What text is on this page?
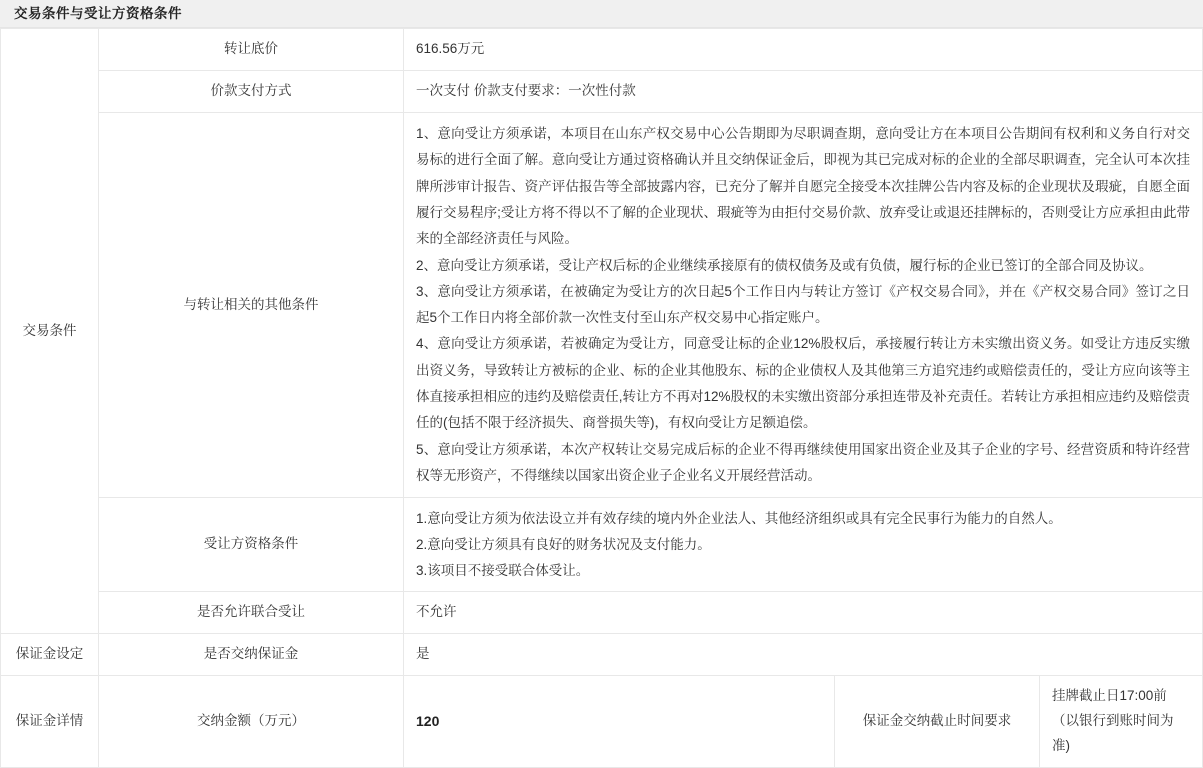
交易条件与受让方资格条件
交易条件	转让底价	616.56万元
	价款支付方式	一次支付 价款支付要求：一次性付款
	与转让相关的其他条件	1、意向受让方须承诺，本项目在山东产权交易中心公告期即为尽职调查期，意向受让方在本项目公告期间有权利和义务自行对交易标的进行全面了解。意向受让方通过资格确认并且交纳保证金后，即视为其已完成对标的企业的全部尽职调查，完全认可本次挂牌所涉审计报告、资产评估报告等全部披露内容，已充分了解并自愿完全接受本次挂牌公告内容及标的企业现状及瑕疵，自愿全面履行交易程序;受让方将不得以不了解的企业现状、瑕疵等为由拒付交易价款、放弃受让或退还挂牌标的，否则受让方应承担由此带来的全部经济责任与风险。

2、意向受让方须承诺，受让产权后标的企业继续承接原有的债权债务及或有负债，履行标的企业已签订的全部合同及协议。

3、意向受让方须承诺，在被确定为受让方的次日起5个工作日内与转让方签订《产权交易合同》，并在《产权交易合同》签订之日起5个工作日内将全部价款一次性支付至山东产权交易中心指定账户。

4、意向受让方须承诺，若被确定为受让方，同意受让标的企业12%股权后，承接履行转让方未实缴出资义务。如受让方违反实缴出资义务，导致转让方被标的企业、标的企业其他股东、标的企业债权人及其他第三方追究违约或赔偿责任的，受让方应向该等主体直接承担相应的违约及赔偿责任,转让方不再对12%股权的未实缴出资部分承担连带及补充责任。若转让方承担相应违约及赔偿责任的(包括不限于经济损失、商誉损失等)，有权向受让方足额追偿。

5、意向受让方须承诺，本次产权转让交易完成后标的企业不得再继续使用国家出资企业及其子企业的字号、经营资质和特许经营权等无形资产，不得继续以国家出资企业子企业名义开展经营活动。

	受让方资格条件	1.意向受让方须为依法设立并有效存续的境内外企业法人、其他经济组织或具有完全民事行为能力的自然人。

2.意向受让方须具有良好的财务状况及支付能力。

3.该项目不接受联合体受让。

	是否允许联合受让	不允许
保证金设定	是否交纳保证金	是		
保证金详情	交纳金额（万元）	120	保证金交纳截止时间要求	挂牌截止日17:00前（以银行到账时间为准)
